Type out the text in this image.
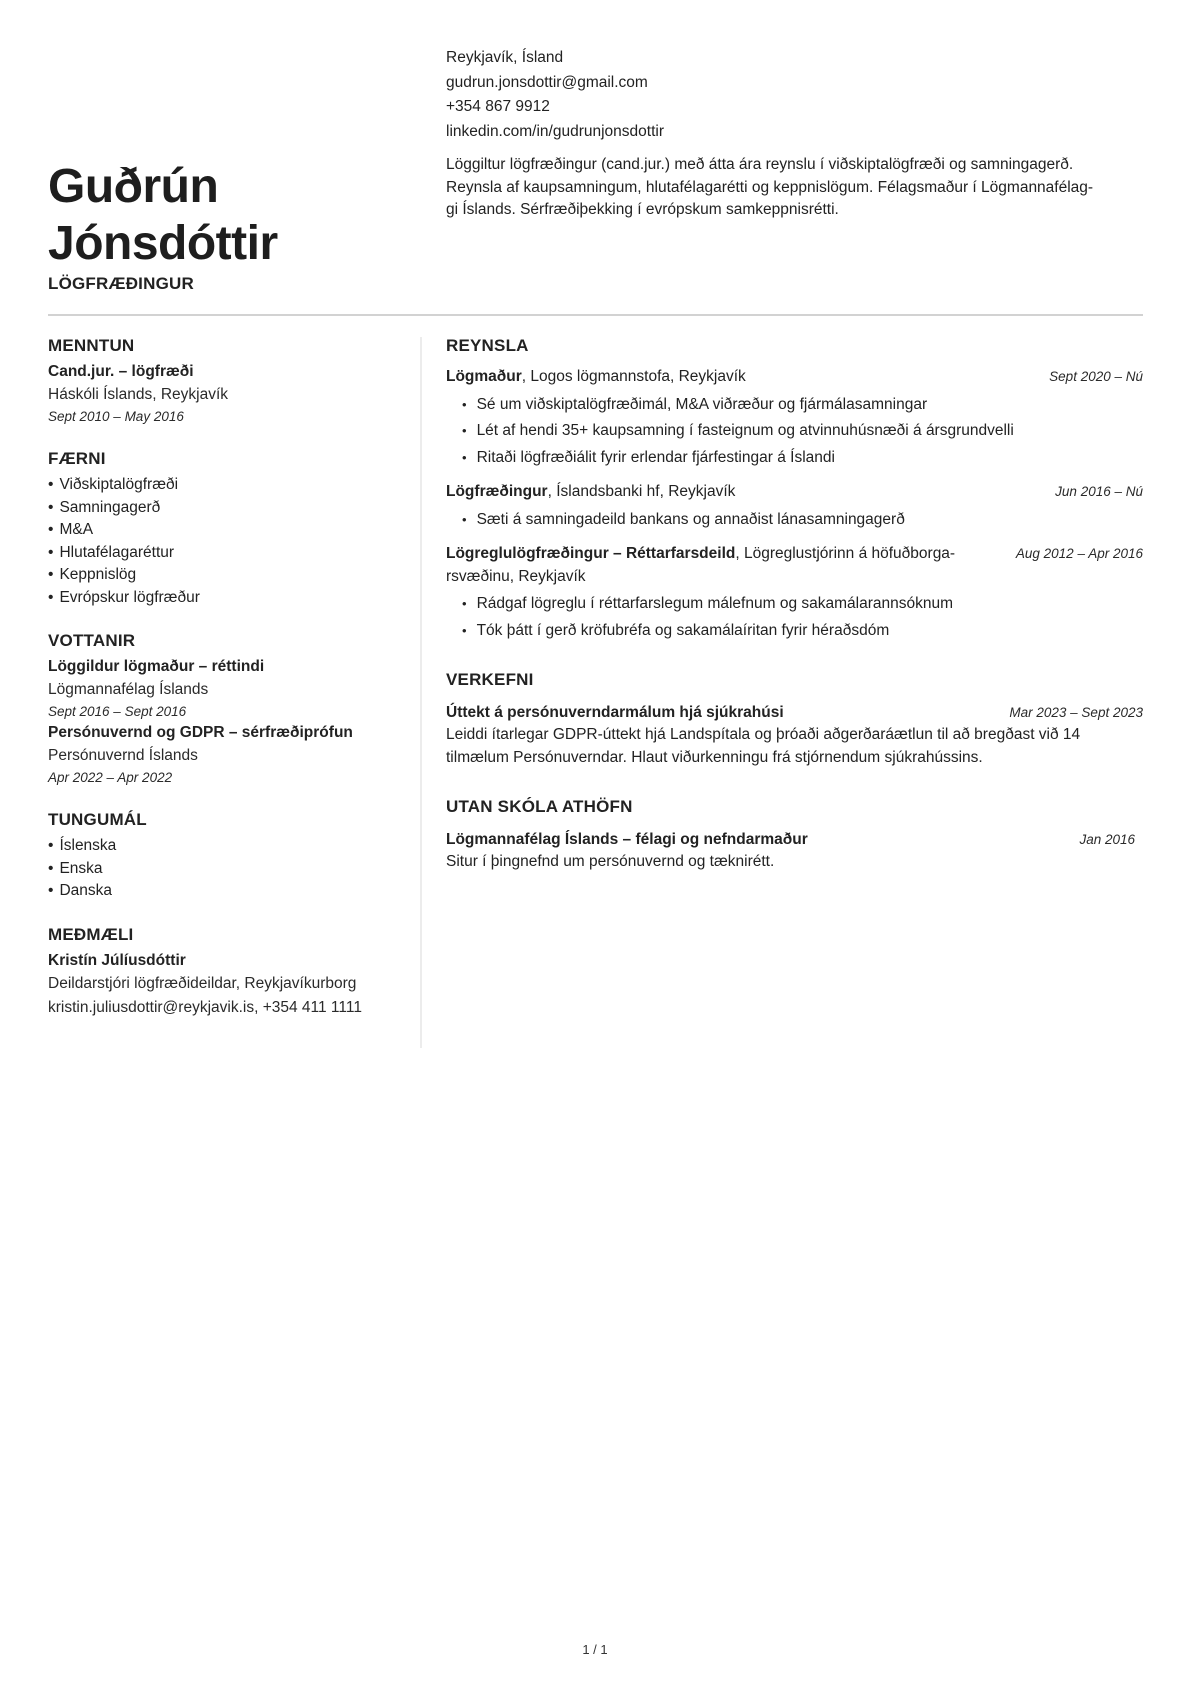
Guðrún
Jónsdóttir
LÖGFRÆÐINGUR
Reykjavík, Ísland
gudrun.jonsdottir@gmail.com
+354 867 9912
linkedin.com/in/gudrunjonsdottir
Löggiltur lögfræðingur (cand.jur.) með átta ára reynslu í viðskiptalögfræði og samningagerð.
Reynsla af kaupsamningum, hlutafélagarétti og keppnislögum. Félagsmaður í Lögmannafélag-
gi Íslands. Sérfræðiþekking í evrópskum samkeppnisrétti.
MENNTUN
Cand.jur. – lögfræði
Háskóli Íslands, Reykjavík
Sept 2010 – May 2016
FÆRNI
• Viðskiptalögfræði
• Samningagerð
• M&A
• Hlutafélagaréttur
• Keppnislög
• Evrópskur lögfræður
VOTTANIR
Löggildur lögmaður – réttindi
Lögmannafélag Íslands
Sept 2016 – Sept 2016
Persónuvernd og GDPR – sérfræðiprófun
Persónuvernd Íslands
Apr 2022 – Apr 2022
TUNGUMÁL
• Íslenska
• Enska
• Danska
MEÐMÆLI
Kristín Júlíusdóttir
Deildarstjóri lögfræðideildar, Reykjavíkurborg
kristin.juliusdottir@reykjavik.is, +354 411 1111
REYNSLA
Lögmaður, Logos lögmannstofa, Reykjavík	Sept 2020 – Nú
• Sé um viðskiptalögfræðimál, M&A viðræður og fjármálasamningar
• Lét af hendi 35+ kaupsamning í fasteignum og atvinnuhúsnæði á ársgrundvelli
• Ritaði lögfræðiálit fyrir erlendar fjárfestingar á Íslandi
Lögfræðingur, Íslandsbanki hf, Reykjavík	Jun 2016 – Nú
• Sæti á samningadeild bankans og annaðist lánasamningagerð
Lögreglulögfræðingur – Réttarfarsdeild, Lögreglustjórinn á höfuðborga-rsvæðinu, Reykjavík
Aug 2012 – Apr 2016
• Rádgaf lögreglu í réttarfarslegum málefnum og sakamálarannsóknum
• Tók þátt í gerð kröfubréfa og sakamálaíritan fyrir héraðsdóm
VERKEFNI
Úttekt á persónuverndarmálum hjá sjúkrahúsi	Mar 2023 – Sept 2023
Leiddi ítarlegar GDPR-úttekt hjá Landspítala og þróaði aðgerðaráætlun til að bregðast við 14 tilmælum Persónuverndar. Hlaut viðurkenningu frá stjórnendum sjúkrahússins.
UTAN SKÓLA ATHÖFN
Lögmannafélag Íslands – félagi og nefndarmaður	Jan 2016
Situr í þingnefnd um persónuvernd og tæknirétt.
1 / 1
